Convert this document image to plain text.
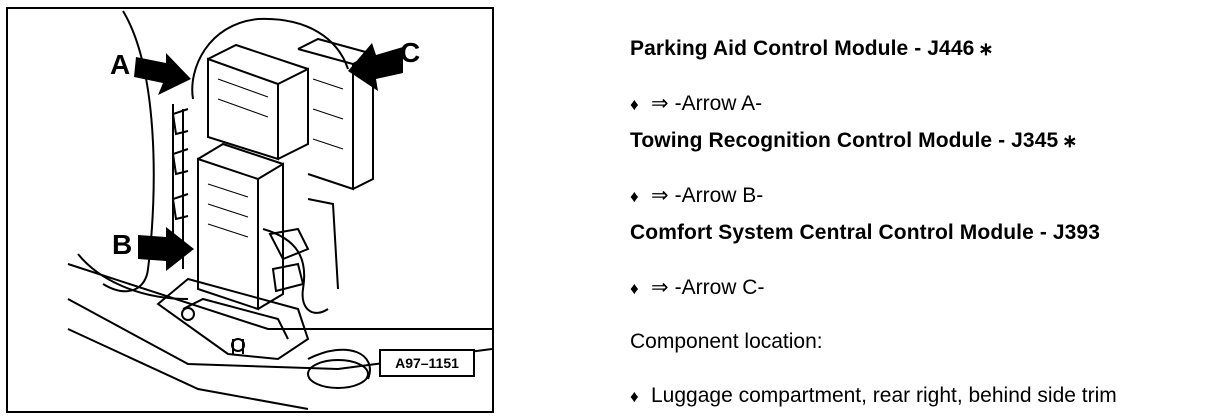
A
B
C
A97–1151
Parking Aid Control Module - J446 ∗
♦ ⇒ -Arrow A-
Towing Recognition Control Module - J345 ∗
♦ ⇒ -Arrow B-
Comfort System Central Control Module - J393
♦ ⇒ -Arrow C-
Component location:
♦ Luggage compartment, rear right, behind side trim
